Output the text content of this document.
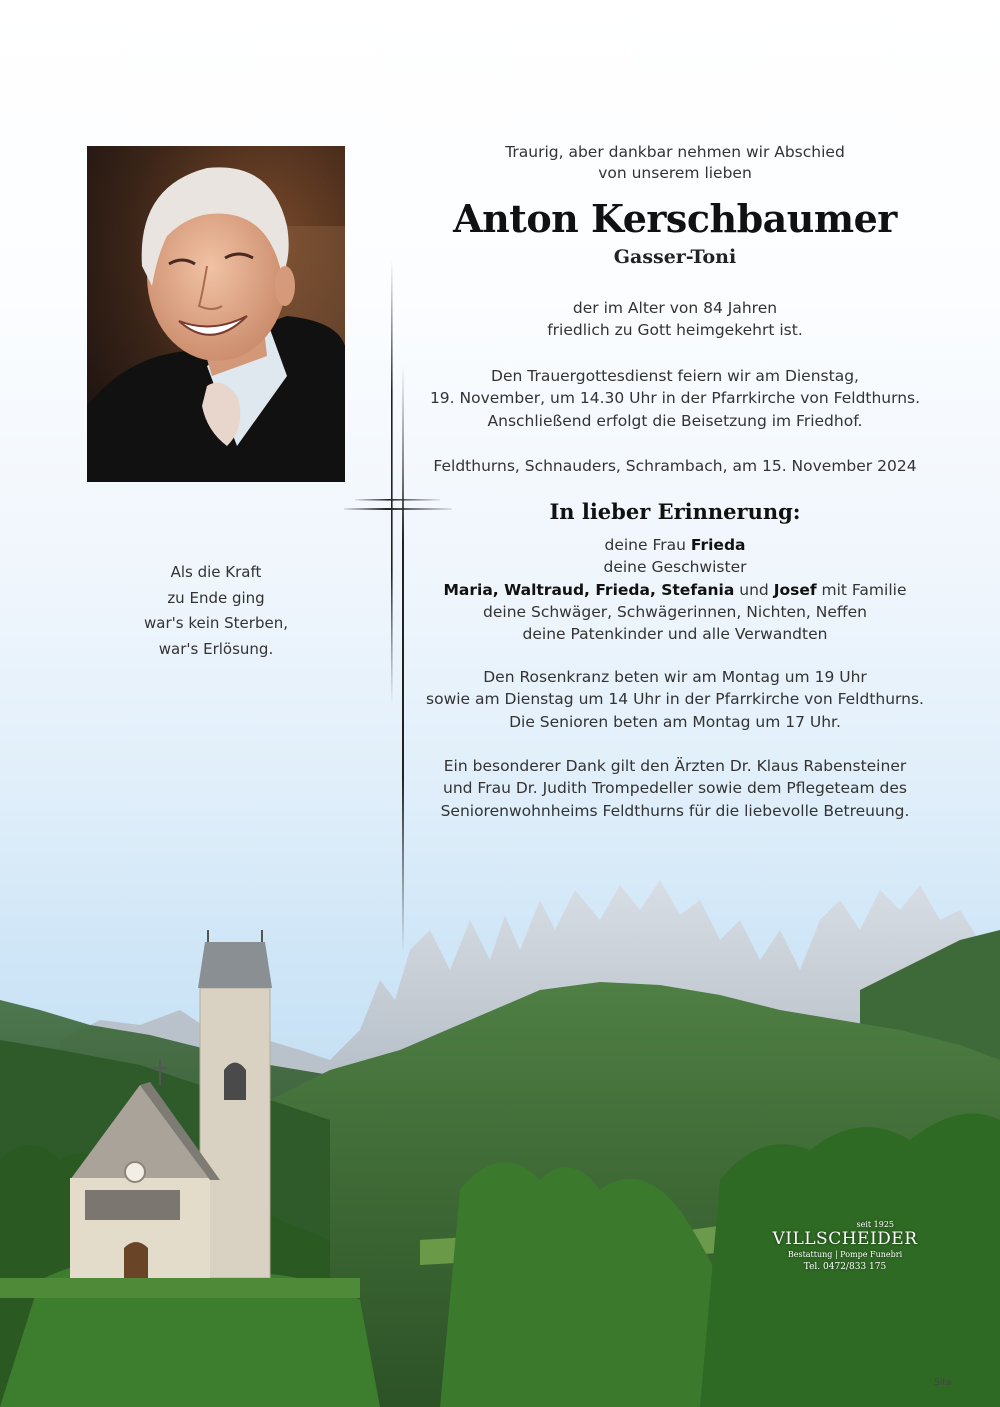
Als die Kraft
zu Ende ging
war's kein Sterben,
war's Erlösung.
Traurig, aber dankbar nehmen wir Abschied
von unserem lieben
Anton Kerschbaumer
Gasser-Toni
der im Alter von 84 Jahren
friedlich zu Gott heimgekehrt ist.
Den Trauergottesdienst feiern wir am Dienstag,
19. November, um 14.30 Uhr in der Pfarrkirche von Feldthurns.
Anschließend erfolgt die Beisetzung im Friedhof.
Feldthurns, Schnauders, Schrambach, am 15. November 2024
In lieber Erinnerung:
deine Frau Frieda
deine Geschwister
Maria, Waltraud, Frieda, Stefania und Josef mit Familie
deine Schwäger, Schwägerinnen, Nichten, Neffen
deine Patenkinder und alle Verwandten
Den Rosenkranz beten wir am Montag um 19 Uhr
sowie am Dienstag um 14 Uhr in der Pfarrkirche von Feldthurns.
Die Senioren beten am Montag um 17 Uhr.
Ein besonderer Dank gilt den Ärzten Dr. Klaus Rabensteiner
und Frau Dr. Judith Trompedeller sowie dem Pflegeteam des
Seniorenwohnheims Feldthurns für die liebevolle Betreuung.
seit 1925
VILLSCHEIDER
Bestattung | Pompe Funebri
Tel. 0472/833 175
Sita
